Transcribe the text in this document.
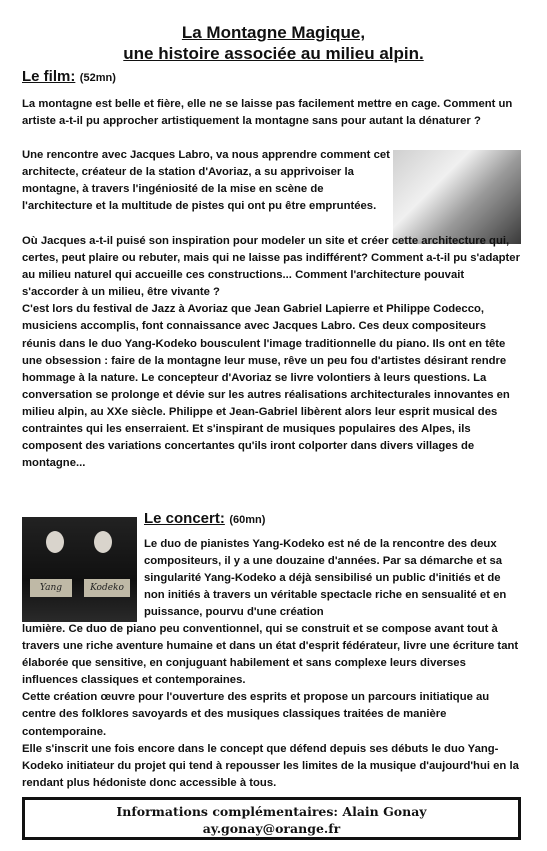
La Montagne Magique,
une histoire associée au milieu alpin.
Le film: (52mn)

La montagne est belle et fière, elle ne se laisse pas facilement mettre en cage. Comment un artiste a-t-il pu approcher artistiquement la montagne sans pour autant la dénaturer ?

Une rencontre avec Jacques Labro, va nous apprendre comment cet architecte, créateur de la station d'Avoriaz, a su apprivoiser la montagne, à travers l'ingéniosité de la mise en scène de l'architecture et la multitude de pistes qui ont pu être empruntées.

Où Jacques a-t-il puisé son inspiration pour modeler un site et créer cette architecture qui, certes, peut plaire ou rebuter, mais qui ne laisse pas indifférent? Comment a-t-il pu s'adapter au milieu naturel qui accueille ces constructions... Comment l'architecture pouvait s'accorder à un milieu, être vivante ?

C'est lors du festival de Jazz à Avoriaz que Jean Gabriel Lapierre et Philippe Codecco, musiciens accomplis, font connaissance avec Jacques Labro. Ces deux compositeurs réunis dans le duo Yang-Kodeko bousculent l'image traditionnelle du piano. Ils ont en tête une obsession : faire de la montagne leur muse, rêve un peu fou d'artistes désirant rendre hommage à la nature. Le concepteur d'Avoriaz se livre volontiers à leurs questions. La conversation se prolonge et dévie sur les autres réalisations architecturales innovantes en milieu alpin, au XXe siècle. Philippe et Jean-Gabriel libèrent alors leur esprit musical des contraintes qui les enserraient. Et s'inspirant de musiques populaires des Alpes, ils composent des variations concertantes qu'ils iront colporter dans divers villages de montagne...

Yang	Kodeko
Le concert: (60mn)

Le duo de pianistes Yang-Kodeko est né de la rencontre des deux compositeurs, il y a une douzaine d'années. Par sa démarche et sa singularité Yang-Kodeko a déjà sensibilisé un public d'initiés et de non initiés à travers un véritable spectacle riche en sensualité et en puissance, pourvu d'une création

lumière. Ce duo de piano peu conventionnel, qui se construit et se compose avant tout à travers une riche aventure humaine et dans un état d'esprit fédérateur, livre une écriture tant élaborée que sensitive, en conjuguant habilement et sans complexe leurs diverses influences classiques et contemporaines.

Cette création œuvre pour l'ouverture des esprits et propose un parcours initiatique au centre des folklores savoyards et des musiques classiques traitées de manière contemporaine.

Elle s'inscrit une fois encore dans le concept que défend depuis ses débuts le duo Yang-Kodeko initiateur du projet qui tend à repousser les limites de la musique d'aujourd'hui en la rendant plus hédoniste donc accessible à tous.

Informations complémentaires: Alain Gonay
ay.gonay@orange.fr
